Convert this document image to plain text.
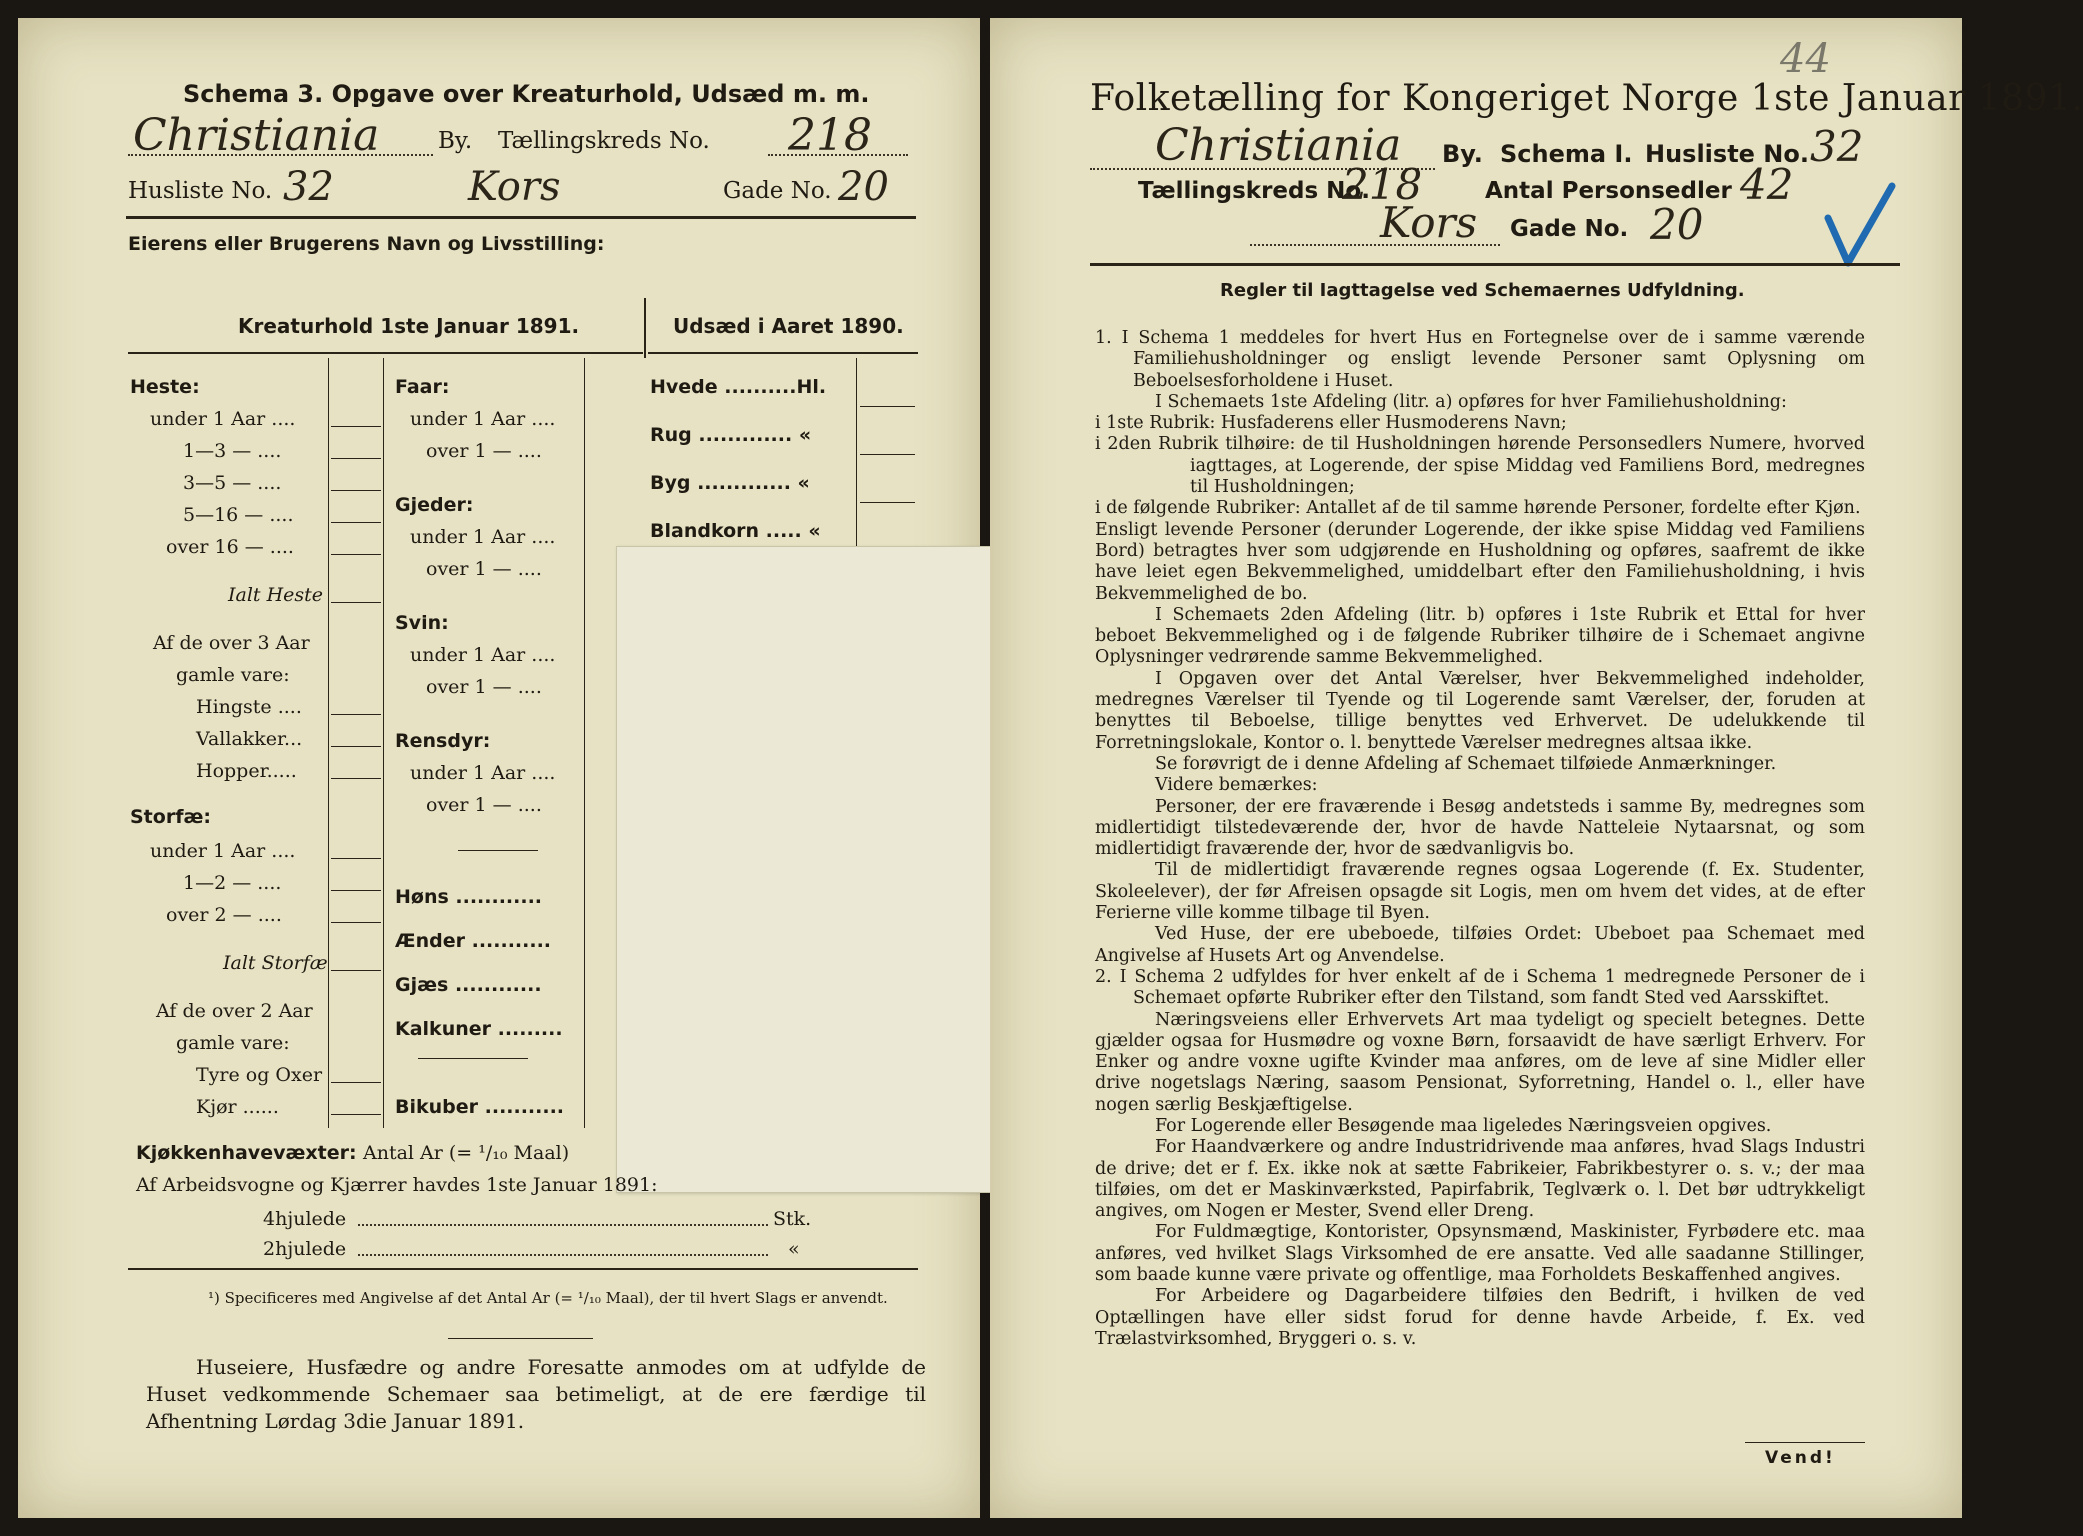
Schema 3. Opgave over Kreaturhold, Udsæd m. m.
Christiania	By. Tællingskreds No. 218
Husliste No. 32	Kors	Gade No. 20
Eierens eller Brugerens Navn og Livsstilling:
Kreaturhold 1ste Januar 1891.	Udsæd i Aaret 1890.
Heste:
under 1 Aar ....
1—3 — ....
3—5 — ....
5—16 — ....
over 16 — ....
Ialt Heste
Af de over 3 Aar
gamle vare:
Hingste ....
Vallakker...
Hopper.....
Storfæ:
under 1 Aar ....
1—2 — ....
over 2 — ....
Ialt Storfæ
Af de over 2 Aar
gamle vare:
Tyre og Oxer
Kjør ......
Faar:
under 1 Aar ....
over 1 — ....
Gjeder:
under 1 Aar ....
over 1 — ....
Svin:
under 1 Aar ....
over 1 — ....
Rensdyr:
under 1 Aar ....
over 1 — ....
Høns ............
Ænder ...........
Gjæs ............
Kalkuner .........
Bikuber ...........
Hvede ..........Hl.
Rug ............. «
Byg ............. «
Blandkorn ..... «
Kjøkkenhavevæxter: Antal Ar (= ¹/₁₀ Maal)
Af Arbeidsvogne og Kjærrer havdes 1ste Januar 1891:
4hjulede	Stk.
2hjulede	«
¹) Specificeres med Angivelse af det Antal Ar (= ¹/₁₀ Maal), der til hvert Slags er anvendt.
Huseiere, Husfædre og andre Foresatte anmodes om at udfylde de Huset vedkommende Schemaer saa betimeligt, at de ere færdige til Afhentning Lørdag 3die Januar 1891.
44
Folketælling for Kongeriget Norge 1ste Januar 1891.
Christiania By. Schema I. Husliste No. 32
Tællingskreds No.
218	Antal Personsedler 42
Kors Gade No. 20
Regler til Iagttagelse ved Schemaernes Udfyldning.

1. I Schema 1 meddeles for hvert Hus en Fortegnelse over de i samme værende Familiehusholdninger og ensligt levende Personer samt Oplysning om Beboelsesforholdene i Huset.

I Schemaets 1ste Afdeling (litr. a) opføres for hver Familiehusholdning:

i 1ste Rubrik: Husfaderens eller Husmoderens Navn;

i 2den Rubrik tilhøire: de til Husholdningen hørende Personsedlers Numere, hvorved iagttages, at Logerende, der spise Middag ved Familiens Bord, medregnes til Husholdningen;

i de følgende Rubriker: Antallet af de til samme hørende Personer, fordelte efter Kjøn.

Ensligt levende Personer (derunder Logerende, der ikke spise Middag ved Familiens Bord) betragtes hver som udgjørende en Husholdning og opføres, saafremt de ikke have leiet egen Bekvemmelighed, umiddelbart efter den Familiehusholdning, i hvis Bekvemmelighed de bo.

I Schemaets 2den Afdeling (litr. b) opføres i 1ste Rubrik et Ettal for hver beboet Bekvemmelighed og i de følgende Rubriker tilhøire de i Schemaet angivne Oplysninger vedrørende samme Bekvemmelighed.

I Opgaven over det Antal Værelser, hver Bekvemmelighed indeholder, medregnes Værelser til Tyende og til Logerende samt Værelser, der, foruden at benyttes til Beboelse, tillige benyttes ved Erhvervet. De udelukkende til Forretningslokale, Kontor o. l. benyttede Værelser medregnes altsaa ikke.

Se forøvrigt de i denne Afdeling af Schemaet tilføiede Anmærkninger.

Videre bemærkes:

Personer, der ere fraværende i Besøg andetsteds i samme By, medregnes som midlertidigt tilstedeværende der, hvor de havde Natteleie Nytaarsnat, og som midlertidigt fraværende der, hvor de sædvanligvis bo.

Til de midlertidigt fraværende regnes ogsaa Logerende (f. Ex. Studenter, Skoleelever), der før Afreisen opsagde sit Logis, men om hvem det vides, at de efter Ferierne ville komme tilbage til Byen.

Ved Huse, der ere ubeboede, tilføies Ordet: Ubeboet paa Schemaet med Angivelse af Husets Art og Anvendelse.

2. I Schema 2 udfyldes for hver enkelt af de i Schema 1 medregnede Personer de i Schemaet opførte Rubriker efter den Tilstand, som fandt Sted ved Aarsskiftet.

Næringsveiens eller Erhvervets Art maa tydeligt og specielt betegnes. Dette gjælder ogsaa for Husmødre og voxne Børn, forsaavidt de have særligt Erhverv. For Enker og andre voxne ugifte Kvinder maa anføres, om de leve af sine Midler eller drive nogetslags Næring, saasom Pensionat, Syforretning, Handel o. l., eller have nogen særlig Beskjæftigelse.

For Logerende eller Besøgende maa ligeledes Næringsveien opgives.

For Haandværkere og andre Industridrivende maa anføres, hvad Slags Industri de drive; det er f. Ex. ikke nok at sætte Fabrikeier, Fabrikbestyrer o. s. v.; der maa tilføies, om det er Maskinværksted, Papirfabrik, Teglværk o. l. Det bør udtrykkeligt angives, om Nogen er Mester, Svend eller Dreng.

For Fuldmægtige, Kontorister, Opsynsmænd, Maskinister, Fyrbødere etc. maa anføres, ved hvilket Slags Virksomhed de ere ansatte. Ved alle saadanne Stillinger, som baade kunne være private og offentlige, maa Forholdets Beskaffenhed angives.

For Arbeidere og Dagarbeidere tilføies den Bedrift, i hvilken de ved Optællingen have eller sidst forud for denne havde Arbeide, f. Ex. ved Trælastvirksomhed, Bryggeri o. s. v.

Vend!
